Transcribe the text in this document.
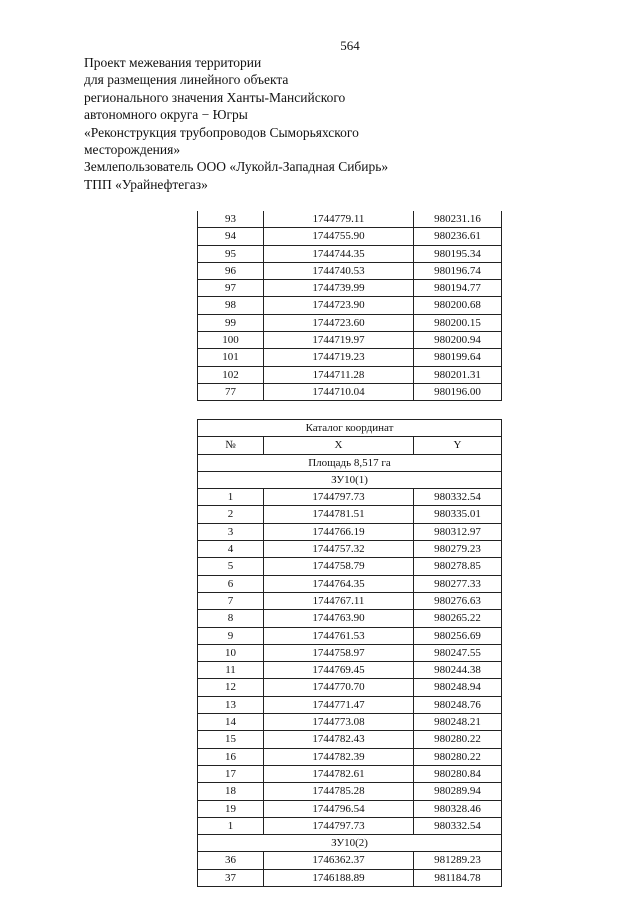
564
Проект межевания территории
для размещения линейного объекта
регионального значения Ханты-Мансийского
автономного округа − Югры
«Реконструкция трубопроводов Сыморьяхского
месторождения»
Землепользователь ООО «Лукойл-Западная Сибирь»
ТПП «Урайнефтегаз»
93	1744779.11	980231.16
94	1744755.90	980236.61
95	1744744.35	980195.34
96	1744740.53	980196.74
97	1744739.99	980194.77
98	1744723.90	980200.68
99	1744723.60	980200.15
100	1744719.97	980200.94
101	1744719.23	980199.64
102	1744711.28	980201.31
77	1744710.04	980196.00
Каталог координат		
№	X	Y
Площадь 8,517 га		
ЗУ10(1)		
1	1744797.73	980332.54
2	1744781.51	980335.01
3	1744766.19	980312.97
4	1744757.32	980279.23
5	1744758.79	980278.85
6	1744764.35	980277.33
7	1744767.11	980276.63
8	1744763.90	980265.22
9	1744761.53	980256.69
10	1744758.97	980247.55
11	1744769.45	980244.38
12	1744770.70	980248.94
13	1744771.47	980248.76
14	1744773.08	980248.21
15	1744782.43	980280.22
16	1744782.39	980280.22
17	1744782.61	980280.84
18	1744785.28	980289.94
19	1744796.54	980328.46
1	1744797.73	980332.54
ЗУ10(2)		
36	1746362.37	981289.23
37	1746188.89	981184.78
